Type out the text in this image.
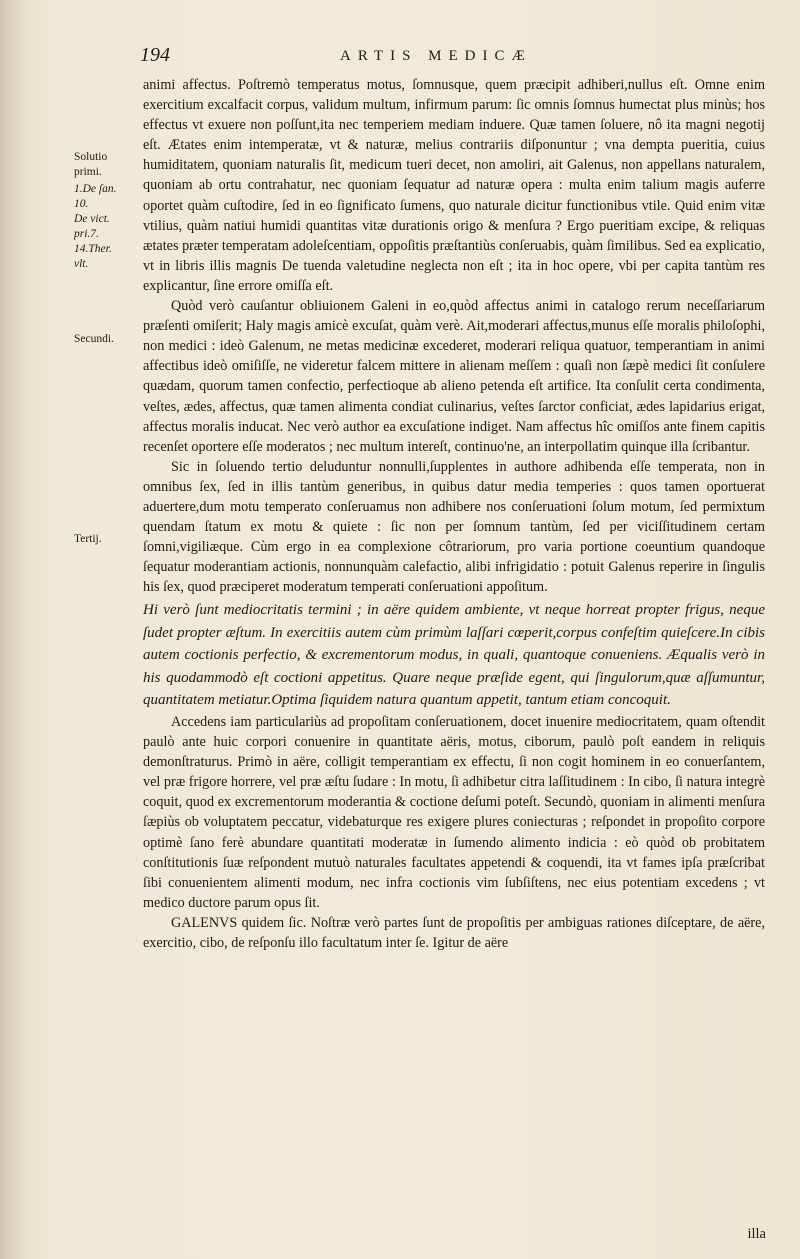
194	ARTIS MEDICÆ
Solutio
primi.
1.De ſan.
10.
De vict.
pri.7.
14.Ther.
vlt.
Secundi.
Tertij.

animi affectus. Poſtremò temperatus motus, ſomnusque, quem præcipit adhiberi,nullus eſt. Omne enim exercitium excalfacit corpus, validum multum, infirmum parum: ſic omnis ſomnus humectat plus minùs; hos effectus vt exuere non poſſunt,ita nec temperiem mediam induere. Quæ tamen ſoluere, nô ita magni negotij eſt. Ætates enim intemperatæ, vt & naturæ, melius contrariis diſponuntur ; vna dempta pueritia, cuius humiditatem, quoniam naturalis ſit, medicum tueri decet, non amoliri, ait Galenus, non appellans naturalem, quoniam ab ortu contrahatur, nec quoniam ſequatur ad naturæ opera : multa enim talium magis auferre oportet quàm cuſtodire, ſed in eo ſignificato ſumens, quo naturale dicitur functionibus vtile. Quid enim vitæ vtilius, quàm natiui humidi quantitas vitæ durationis origo & menſura ? Ergo pueritiam excipe, & reliquas ætates præter temperatam adoleſcentiam, oppoſitis præſtantiùs conſeruabis, quàm ſimilibus. Sed ea explicatio, vt in libris illis magnis De tuenda valetudine neglecta non eſt ; ita in hoc opere, vbi per capita tantùm res explicantur, ſine errore omiſſa eſt.

Quòd verò cauſantur obliuionem Galeni in eo,quòd affectus animi in catalogo rerum neceſſariarum præſenti omiſerit; Haly magis amicè excuſat, quàm verè. Ait,moderari affectus,munus eſſe moralis philoſophi, non medici : ideò Galenum, ne metas medicinæ excederet, moderari reliqua quatuor, temperantiam in animi affectibus ideò omiſiſſe, ne videretur falcem mittere in alienam meſſem : quaſi non ſæpè medici ſit conſulere quædam, quorum tamen confectio, perfectioque ab alieno petenda eſt artifice. Ita conſulit certa condimenta, veſtes, ædes, affectus, quæ tamen alimenta condiat culinarius, veſtes ſarctor conficiat, ædes lapidarius erigat, affectus moralis inducat. Nec verò author ea excuſatione indiget. Nam affectus hîc omiſſos ante finem capitis recenſet oportere eſſe moderatos ; nec multum intereſt, continuo'ne, an interpollatim quinque illa ſcribantur.

Sic in ſoluendo tertio deluduntur nonnulli,ſupplentes in authore adhibenda eſſe temperata, non in omnibus ſex, ſed in illis tantùm generibus, in quibus datur media temperies : quos tamen oportuerat aduertere,dum motu temperato conſeruamus non adhibere nos conſeruationi ſolum motum, ſed permixtum quendam ſtatum ex motu & quiete : ſic non per ſomnum tantùm, ſed per viciſſitudinem certam ſomni,vigiliæque. Cùm ergo in ea complexione côtrariorum, pro varia portione coeuntium quandoque ſequatur moderantiam actionis, nonnunquàm calefactio, alibi infrigidatio : potuit Galenus reperire in ſingulis his ſex, quod præciperet moderatum temperati conſeruationi appoſitum.

Hi verò ſunt mediocritatis termini ; in aëre quidem ambiente, vt neque horreat propter frigus, neque ſudet propter æſtum. In exercitiis autem cùm primùm laſſari cœperit,corpus confeſtim quieſcere.In cibis autem coctionis perfectio, & excrementorum modus, in quali, quantoque conueniens. Æqualis verò in his quodammodò eſt coctioni appetitus. Quare neque præſide egent, qui ſingulorum,quæ aſſumuntur, quantitatem metiatur.Optima ſiquidem natura quantum appetit, tantum etiam concoquit.

Accedens iam particulariùs ad propoſitam conſeruationem, docet inuenire mediocritatem, quam oſtendit paulò ante huic corpori conuenire in quantitate aëris, motus, ciborum, paulò poſt eandem in reliquis demonſtraturus. Primò in aëre, colligit temperantiam ex effectu, ſi non cogit hominem in eo conuerſantem, vel præ frigore horrere, vel præ æſtu ſudare : In motu, ſi adhibetur citra laſſitudinem : In cibo, ſi natura integrè coquit, quod ex excrementorum moderantia & coctione deſumi poteſt. Secundò, quoniam in alimenti menſura ſæpiùs ob voluptatem peccatur, videbaturque res exigere plures coniecturas ; reſpondet in propoſito corpore optimè ſano ferè abundare quantitati moderatæ in ſumendo alimento indicia : eò quòd ob probitatem conſtitutionis ſuæ reſpondent mutuò naturales facultates appetendi & coquendi, ita vt fames ipſa præſcribat ſibi conuenientem alimenti modum, nec infra coctionis vim ſubſiſtens, nec eius potentiam excedens ; vt medico ductore parum opus ſit.

GALENVS quidem ſic. Noſtræ verò partes ſunt de propoſitis per ambiguas rationes diſceptare, de aëre, exercitio, cibo, de reſponſu illo facultatum inter ſe. Igitur de aëre

illa
